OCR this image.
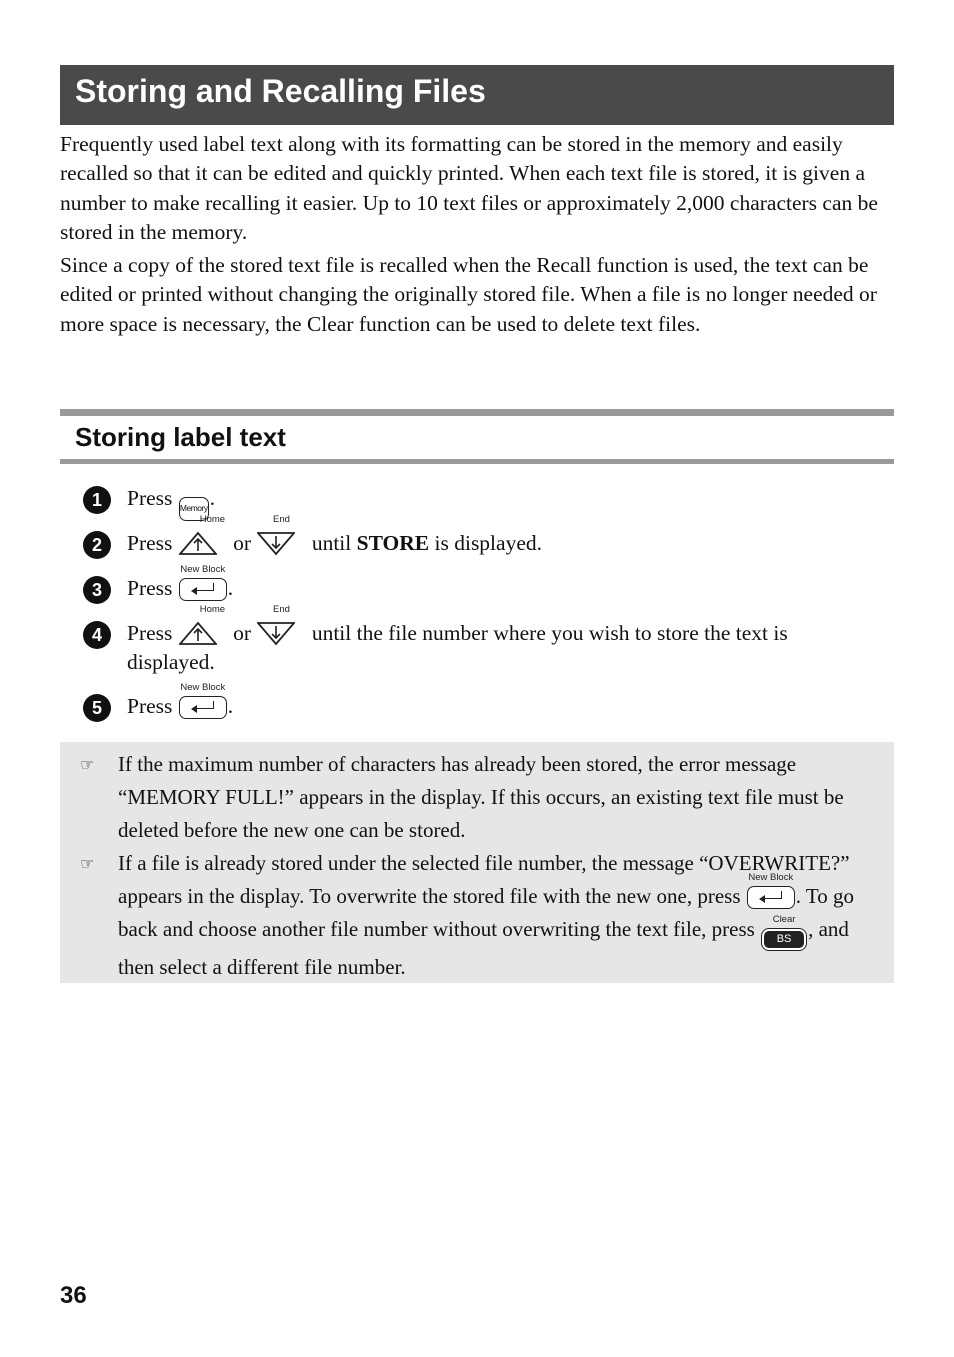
Storing and Recalling Files

Frequently used label text along with its formatting can be stored in the memory and easily recalled so that it can be edited and quickly printed. When each text file is stored, it is given a number to make recalling it easier. Up to 10 text files or approximately 2,000 characters can be stored in the memory.

Since a copy of the stored text file is recalled when the Recall function is used, the text can be edited or printed without changing the originally stored file. When a file is no longer needed or more space is necessary, the Clear function can be used to delete text files.

Storing label text
1	Press Memory .
2	Press
Home
or
End
until STORE is displayed.
3	Press
New Block
.
4	Press
Home
or
End
until the file number where you wish to store the text is displayed.
5	Press
New Block
.
☞ If the maximum number of characters has already been stored, the error message “MEMORY FULL!” appears in the display. If this occurs, an existing text file must be deleted before the new one can be stored.
☞ If a file is already stored under the selected file number, the message “OVERWRITE?” appears in the display. To overwrite the stored file with the new one, press
New Block
. To go back and choose another file number without overwriting the text file, press Clear
BS , and then select a different file number.
36
